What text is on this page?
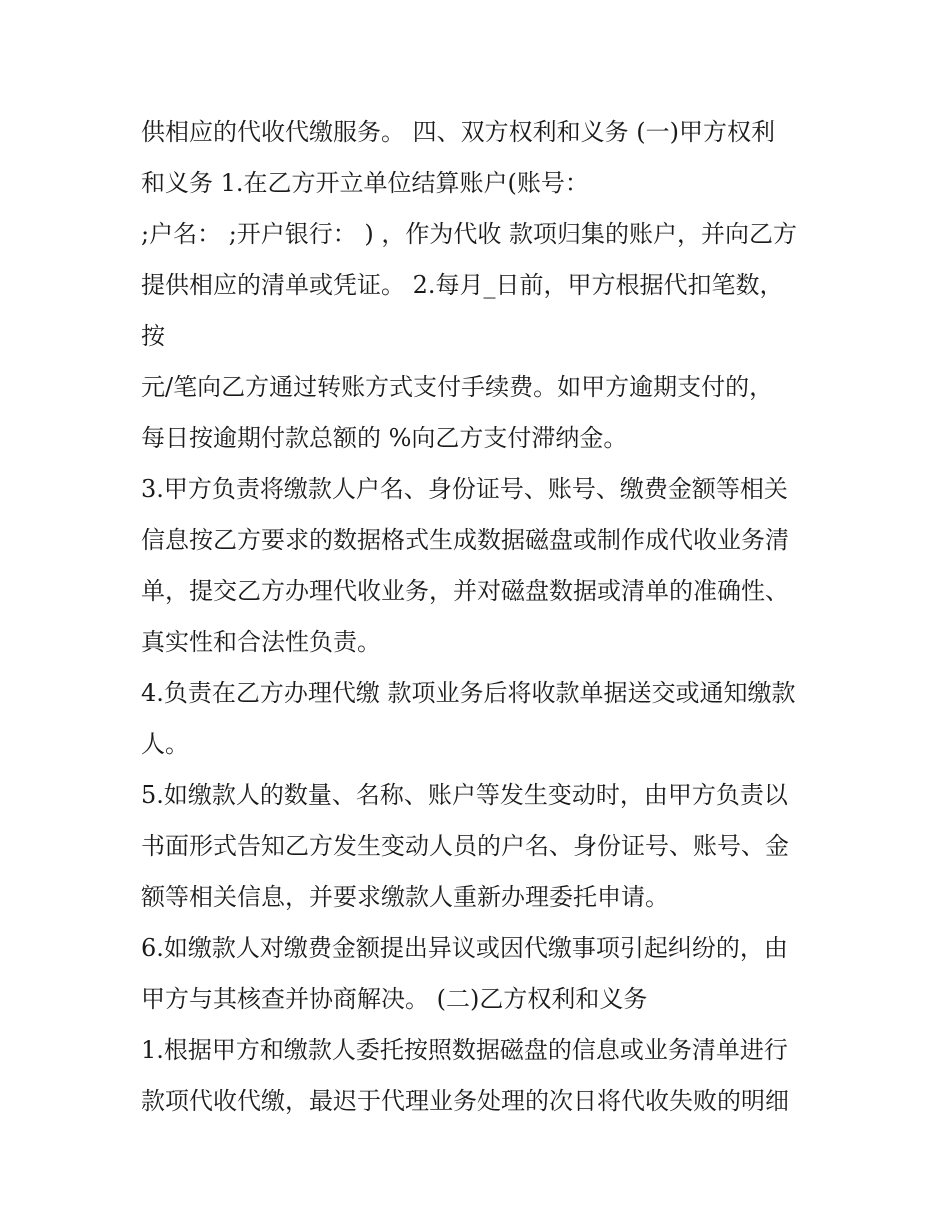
供相应的代收代缴服务。 四、双方权利和义务 (一)甲方权利
和义务 1.在乙方开立单位结算账户(账号：
;户名： ;开户银行： ) ，作为代收 款项归集的账户，并向乙方
提供相应的清单或凭证。 2.每月_日前，甲方根据代扣笔数，
按
元/笔向乙方通过转账方式支付手续费。如甲方逾期支付的，
每日按逾期付款总额的 %向乙方支付滞纳金。
3.甲方负责将缴款人户名、身份证号、账号、缴费金额等相关
信息按乙方要求的数据格式生成数据磁盘或制作成代收业务清
单，提交乙方办理代收业务，并对磁盘数据或清单的准确性、
真实性和合法性负责。
4.负责在乙方办理代缴 款项业务后将收款单据送交或通知缴款
人。
5.如缴款人的数量、名称、账户等发生变动时，由甲方负责以
书面形式告知乙方发生变动人员的户名、身份证号、账号、金
额等相关信息，并要求缴款人重新办理委托申请。
6.如缴款人对缴费金额提出异议或因代缴事项引起纠纷的，由
甲方与其核查并协商解决。 (二)乙方权利和义务
1.根据甲方和缴款人委托按照数据磁盘的信息或业务清单进行
款项代收代缴，最迟于代理业务处理的次日将代收失败的明细
